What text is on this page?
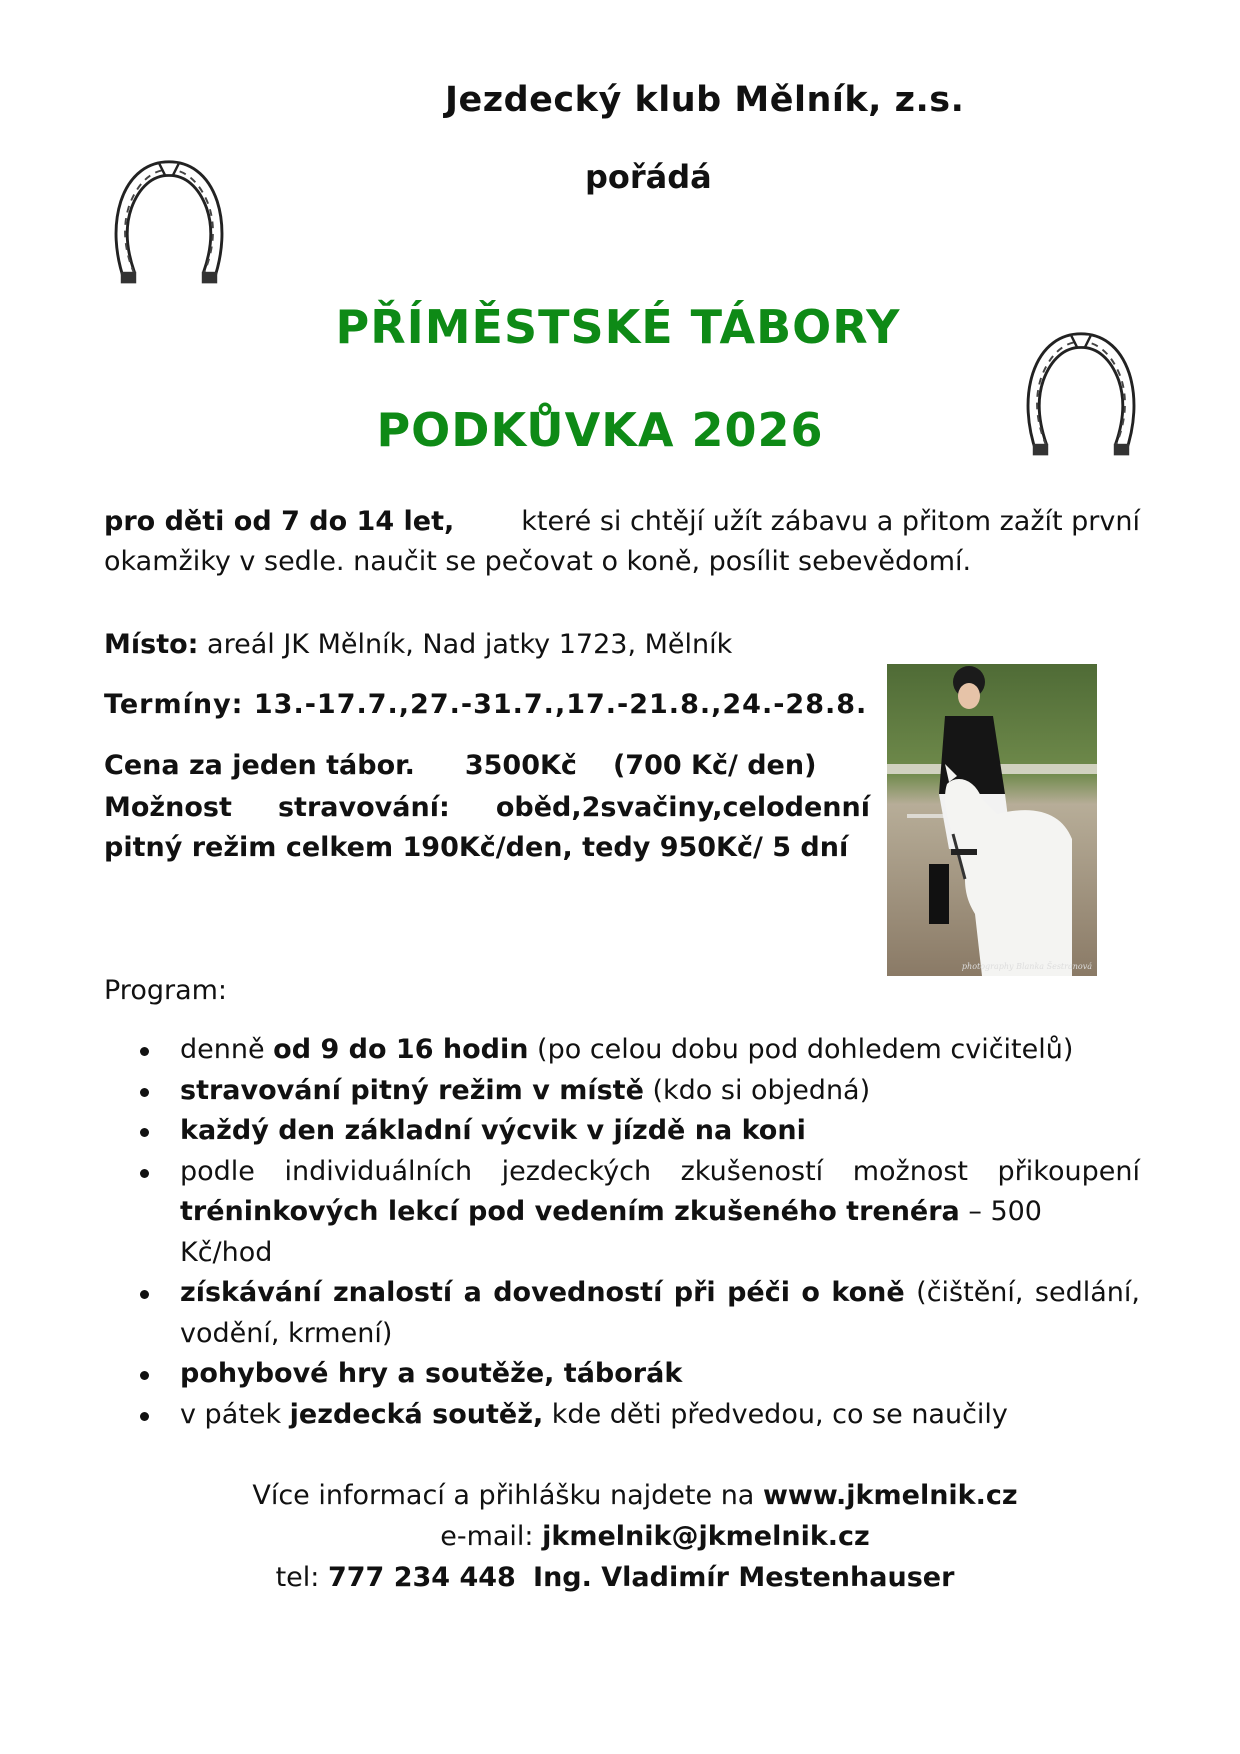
Jezdecký klub Mělník, z.s.
pořádá
PŘÍMĚSTSKÉ TÁBORY
PODKŮVKA 2026
pro děti od 7 do 14 let, které si chtějí užít zábavu a přitom zažít první
okamžiky v sedle. naučit se pečovat o koně, posílit sebevědomí.
Místo: areál JK Mělník, Nad jatky 1723, Mělník
Termíny: 13.-17.7.,27.-31.7.,17.-21.8.,24.-28.8.
Cena za jeden tábor. 3500Kč (700 Kč/ den)
Možnost stravování: oběd,2svačiny,celodenní
pitný režim celkem 190Kč/den, tedy 950Kč/ 5 dní
photography Blanka Šestranová
Program:
denně od 9 do 16 hodin (po celou dobu pod dohledem cvičitelů)
stravování pitný režim v místě (kdo si objedná)
každý den základní výcvik v jízdě na koni
podle individuálních jezdeckých zkušeností možnost přikoupení
tréninkových lekcí pod vedením zkušeného trenéra – 500 Kč/hod
získávání znalostí a dovedností při péči o koně (čištění, sedlání,
vodění, krmení)
pohybové hry a soutěže, táborák
v pátek jezdecká soutěž, kde děti předvedou, co se naučily
Více informací a přihlášku najdete na www.jkmelnik.cz
e-mail: jkmelnik@jkmelnik.cz
tel: 777 234 448 Ing. Vladimír Mestenhauser
